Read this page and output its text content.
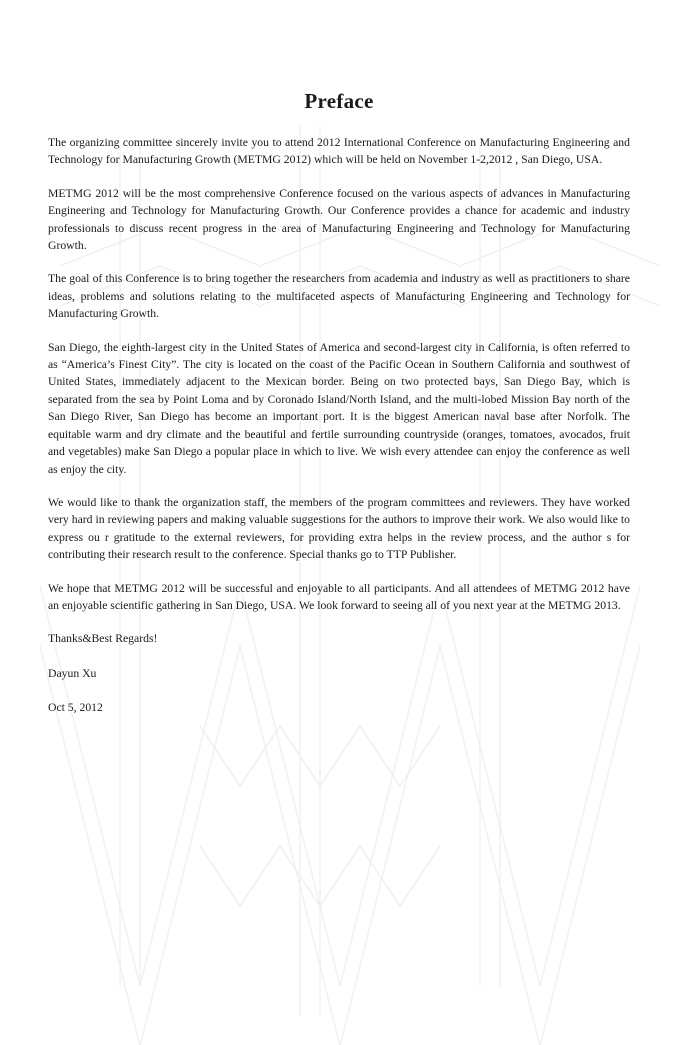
Preface

The organizing committee sincerely invite you to attend 2012 International Conference on Manufacturing Engineering and Technology for Manufacturing Growth (METMG 2012) which will be held on November 1-2,2012 , San Diego, USA.

METMG 2012 will be the most comprehensive Conference focused on the various aspects of advances in Manufacturing Engineering and Technology for Manufacturing Growth. Our Conference provides a chance for academic and industry professionals to discuss recent progress in the area of Manufacturing Engineering and Technology for Manufacturing Growth.

The goal of this Conference is to bring together the researchers from academia and industry as well as practitioners to share ideas, problems and solutions relating to the multifaceted aspects of Manufacturing Engineering and Technology for Manufacturing Growth.

San Diego, the eighth-largest city in the United States of America and second-largest city in California, is often referred to as “America’s Finest City”. The city is located on the coast of the Pacific Ocean in Southern California and southwest of United States, immediately adjacent to the Mexican border. Being on two protected bays, San Diego Bay, which is separated from the sea by Point Loma and by Coronado Island/North Island, and the multi-lobed Mission Bay north of the San Diego River, San Diego has become an important port. It is the biggest American naval base after Norfolk. The equitable warm and dry climate and the beautiful and fertile surrounding countryside (oranges, tomatoes, avocados, fruit and vegetables) make San Diego a popular place in which to live. We wish every attendee can enjoy the conference as well as enjoy the city.

We would like to thank the organization staff, the members of the program committees and reviewers. They have worked very hard in reviewing papers and making valuable suggestions for the authors to improve their work. We also would like to express ou r gratitude to the external reviewers, for providing extra helps in the review process, and the author s for contributing their research result to the conference. Special thanks go to TTP Publisher.

We hope that METMG 2012 will be successful and enjoyable to all participants. And all attendees of METMG 2012 have an enjoyable scientific gathering in San Diego, USA. We look forward to seeing all of you next year at the METMG 2013.

Thanks&Best Regards!

Dayun Xu

Oct 5, 2012
